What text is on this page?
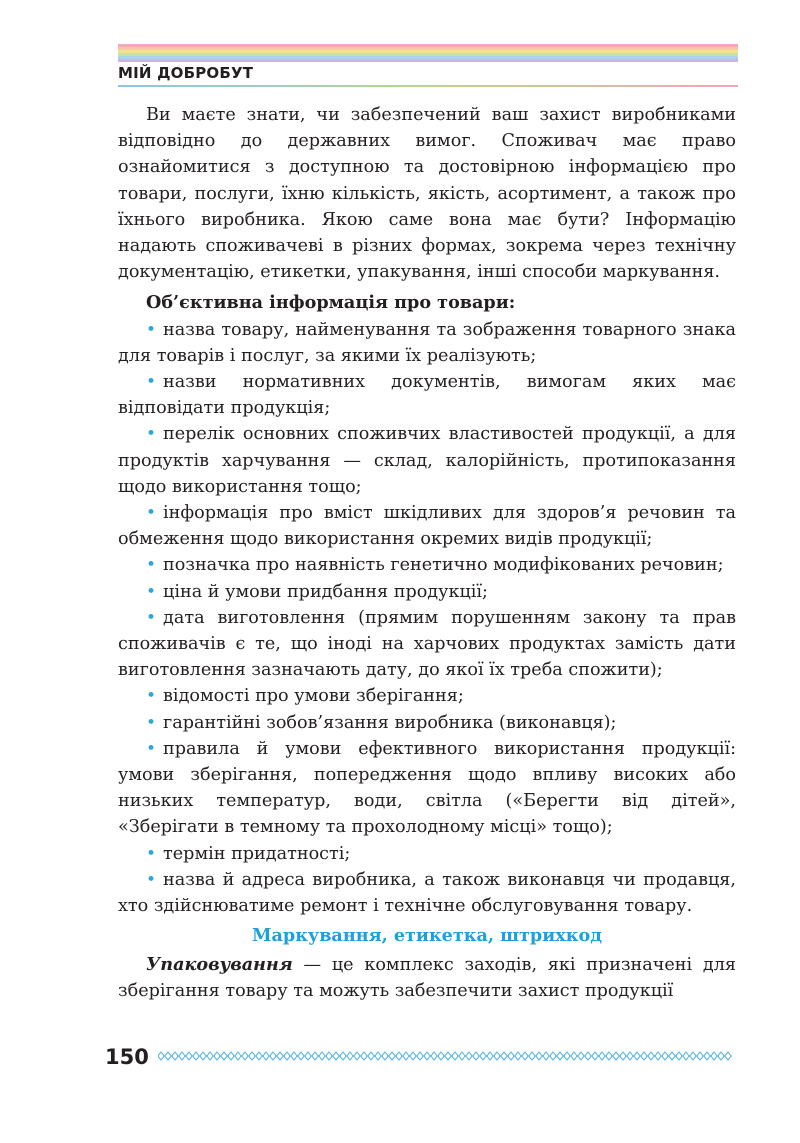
МІЙ ДОБРОБУТ

Ви маєте знати, чи забезпечений ваш захист виробниками відповідно до державних вимог. Споживач має право ознайомитися з доступною та достовірною інформацією про товари, послуги, їхню кількість, якість, асортимент, а також про їхнього виробника. Якою саме вона має бути? Інформацію надають споживачеві в різних формах, зокрема через технічну документацію, етикетки, упакування, інші способи маркування.

Об’єктивна інформація про товари:

• назва товару, найменування та зображення товарного знака для товарів і послуг, за якими їх реалізують;

• назви нормативних документів, вимогам яких має відповідати продукція;

• перелік основних споживчих властивостей продукції, а для продуктів харчування — склад, калорійність, протипоказання щодо використання тощо;

• інформація про вміст шкідливих для здоров’я речовин та обмеження щодо використання окремих видів продукції;

• позначка про наявність генетично модифікованих речовин;

• ціна й умови придбання продукції;

• дата виготовлення (прямим порушенням закону та прав споживачів є те, що іноді на харчових продуктах замість дати виготовлення зазначають дату, до якої їх треба спожити);

• відомості про умови зберігання;

• гарантійні зобов’язання виробника (виконавця);

• правила й умови ефективного використання продукції: умови зберігання, попередження щодо впливу високих або низьких температур, води, світла («Берегти від дітей», «Зберігати в темному та прохолодному місці» тощо);

• термін придатності;

• назва й адреса виробника, а також виконавця чи продавця, хто здійснюватиме ремонт і технічне обслуговування товару.

Маркування, етикетка, штрихкод

Упаковування — це комплекс заходів, які призначені для зберігання товару та можуть забезпечити захист продукції

150
